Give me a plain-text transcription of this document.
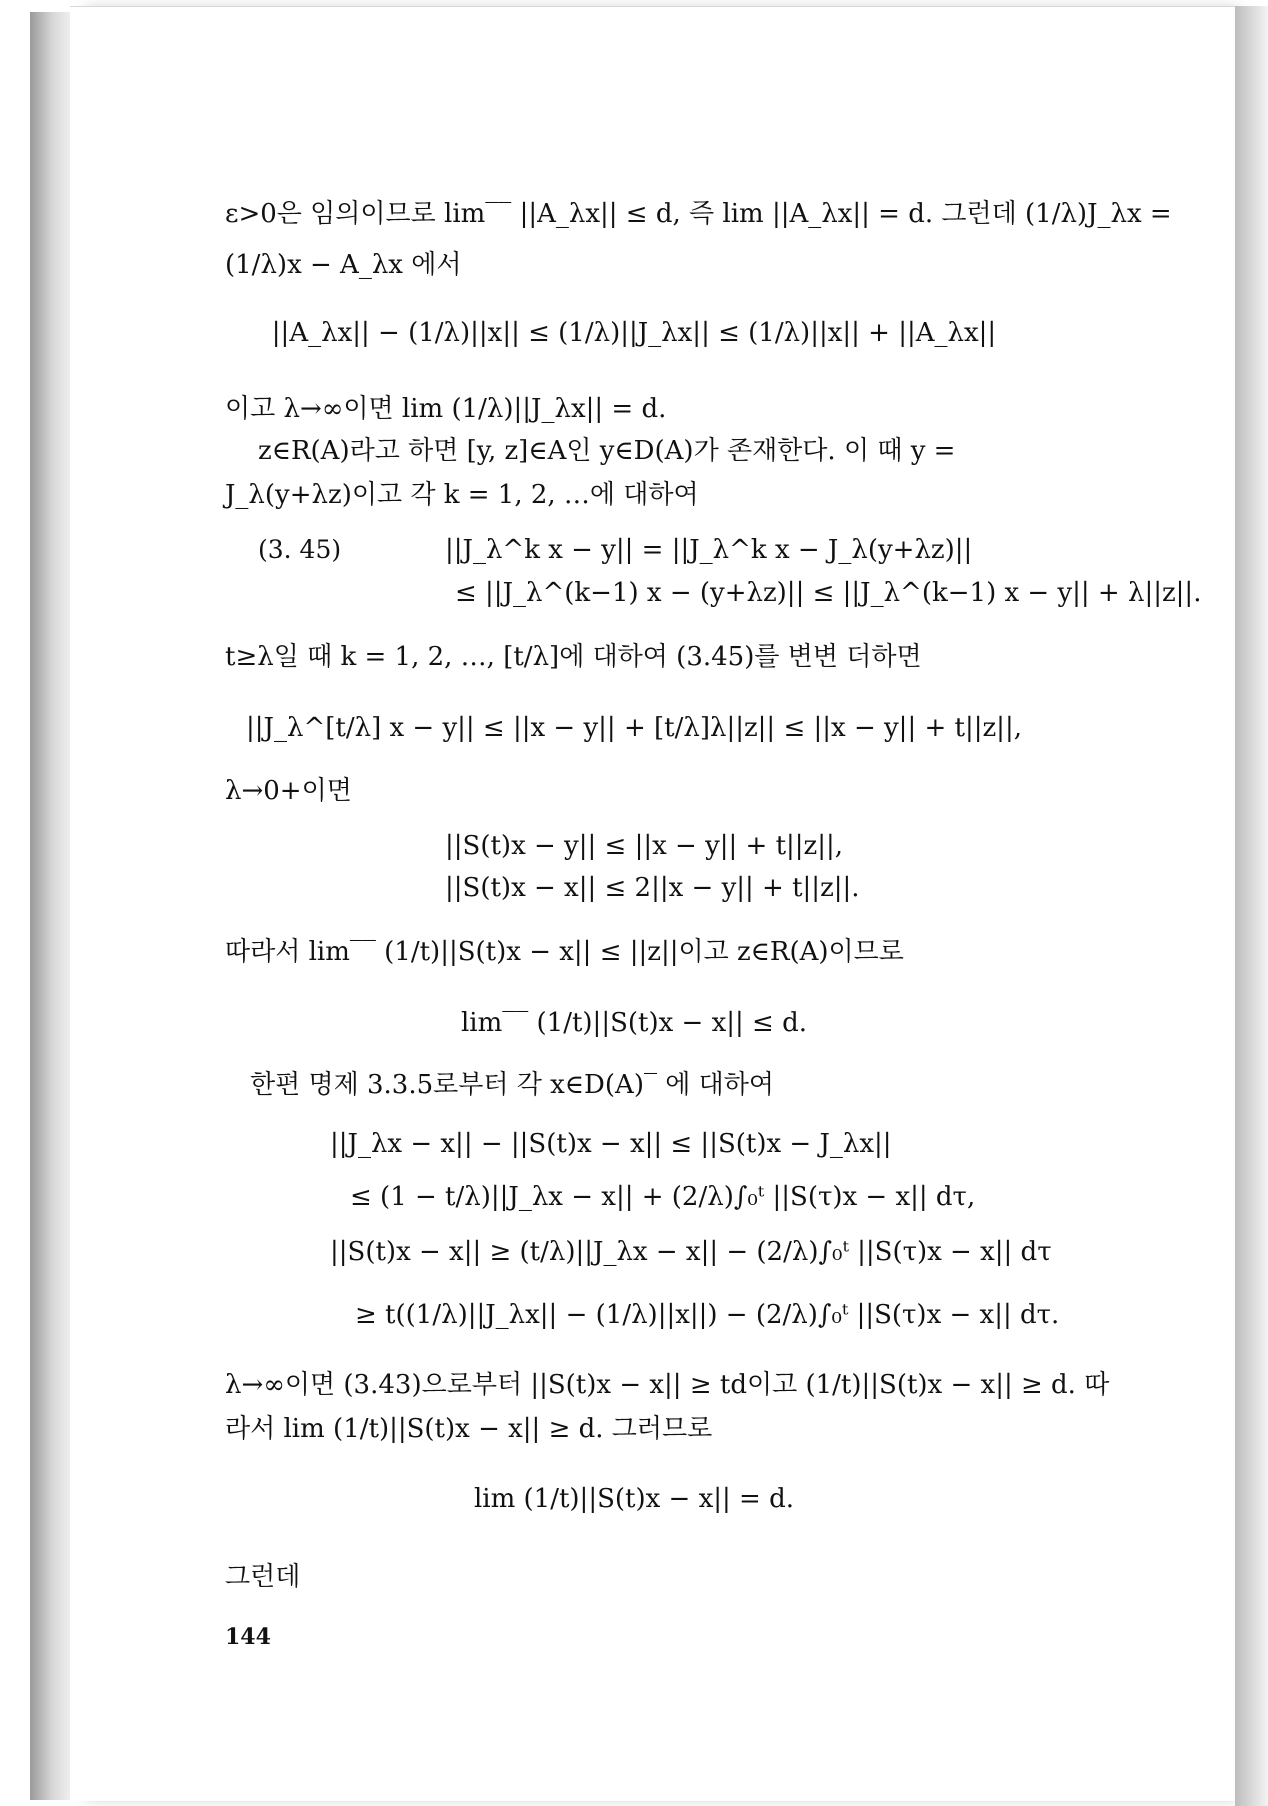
ε>0은 임의이므로 lim‾‾ ||A_λx|| ≤ d, 즉 lim ||A_λx|| = d. 그런데 (1/λ)J_λx =
(1/λ)x − A_λx 에서
||A_λx|| − (1/λ)||x|| ≤ (1/λ)||J_λx|| ≤ (1/λ)||x|| + ||A_λx||
이고 λ→∞이면 lim (1/λ)||J_λx|| = d.
z∈R(A)라고 하면 [y, z]∈A인 y∈D(A)가 존재한다. 이 때 y =
J_λ(y+λz)이고 각 k = 1, 2, …에 대하여
(3. 45)	||J_λ^k x − y|| = ||J_λ^k x − J_λ(y+λz)||
≤ ||J_λ^(k−1) x − (y+λz)|| ≤ ||J_λ^(k−1) x − y|| + λ||z||.
t≥λ일 때 k = 1, 2, …, [t/λ]에 대하여 (3.45)를 변변 더하면
||J_λ^[t/λ] x − y|| ≤ ||x − y|| + [t/λ]λ||z|| ≤ ||x − y|| + t||z||,
λ→0+이면
||S(t)x − y|| ≤ ||x − y|| + t||z||,
||S(t)x − x|| ≤ 2||x − y|| + t||z||.
따라서 lim‾‾ (1/t)||S(t)x − x|| ≤ ||z||이고 z∈R(A)이므로
lim‾‾ (1/t)||S(t)x − x|| ≤ d.
한편 명제 3.3.5로부터 각 x∈D(A)‾ 에 대하여
||J_λx − x|| − ||S(t)x − x|| ≤ ||S(t)x − J_λx||
≤ (1 − t/λ)||J_λx − x|| + (2/λ)∫₀ᵗ ||S(τ)x − x|| dτ,
||S(t)x − x|| ≥ (t/λ)||J_λx − x|| − (2/λ)∫₀ᵗ ||S(τ)x − x|| dτ
≥ t((1/λ)||J_λx|| − (1/λ)||x||) − (2/λ)∫₀ᵗ ||S(τ)x − x|| dτ.
λ→∞이면 (3.43)으로부터 ||S(t)x − x|| ≥ td이고 (1/t)||S(t)x − x|| ≥ d. 따
라서 lim (1/t)||S(t)x − x|| ≥ d. 그러므로
lim (1/t)||S(t)x − x|| = d.
그런데
144
